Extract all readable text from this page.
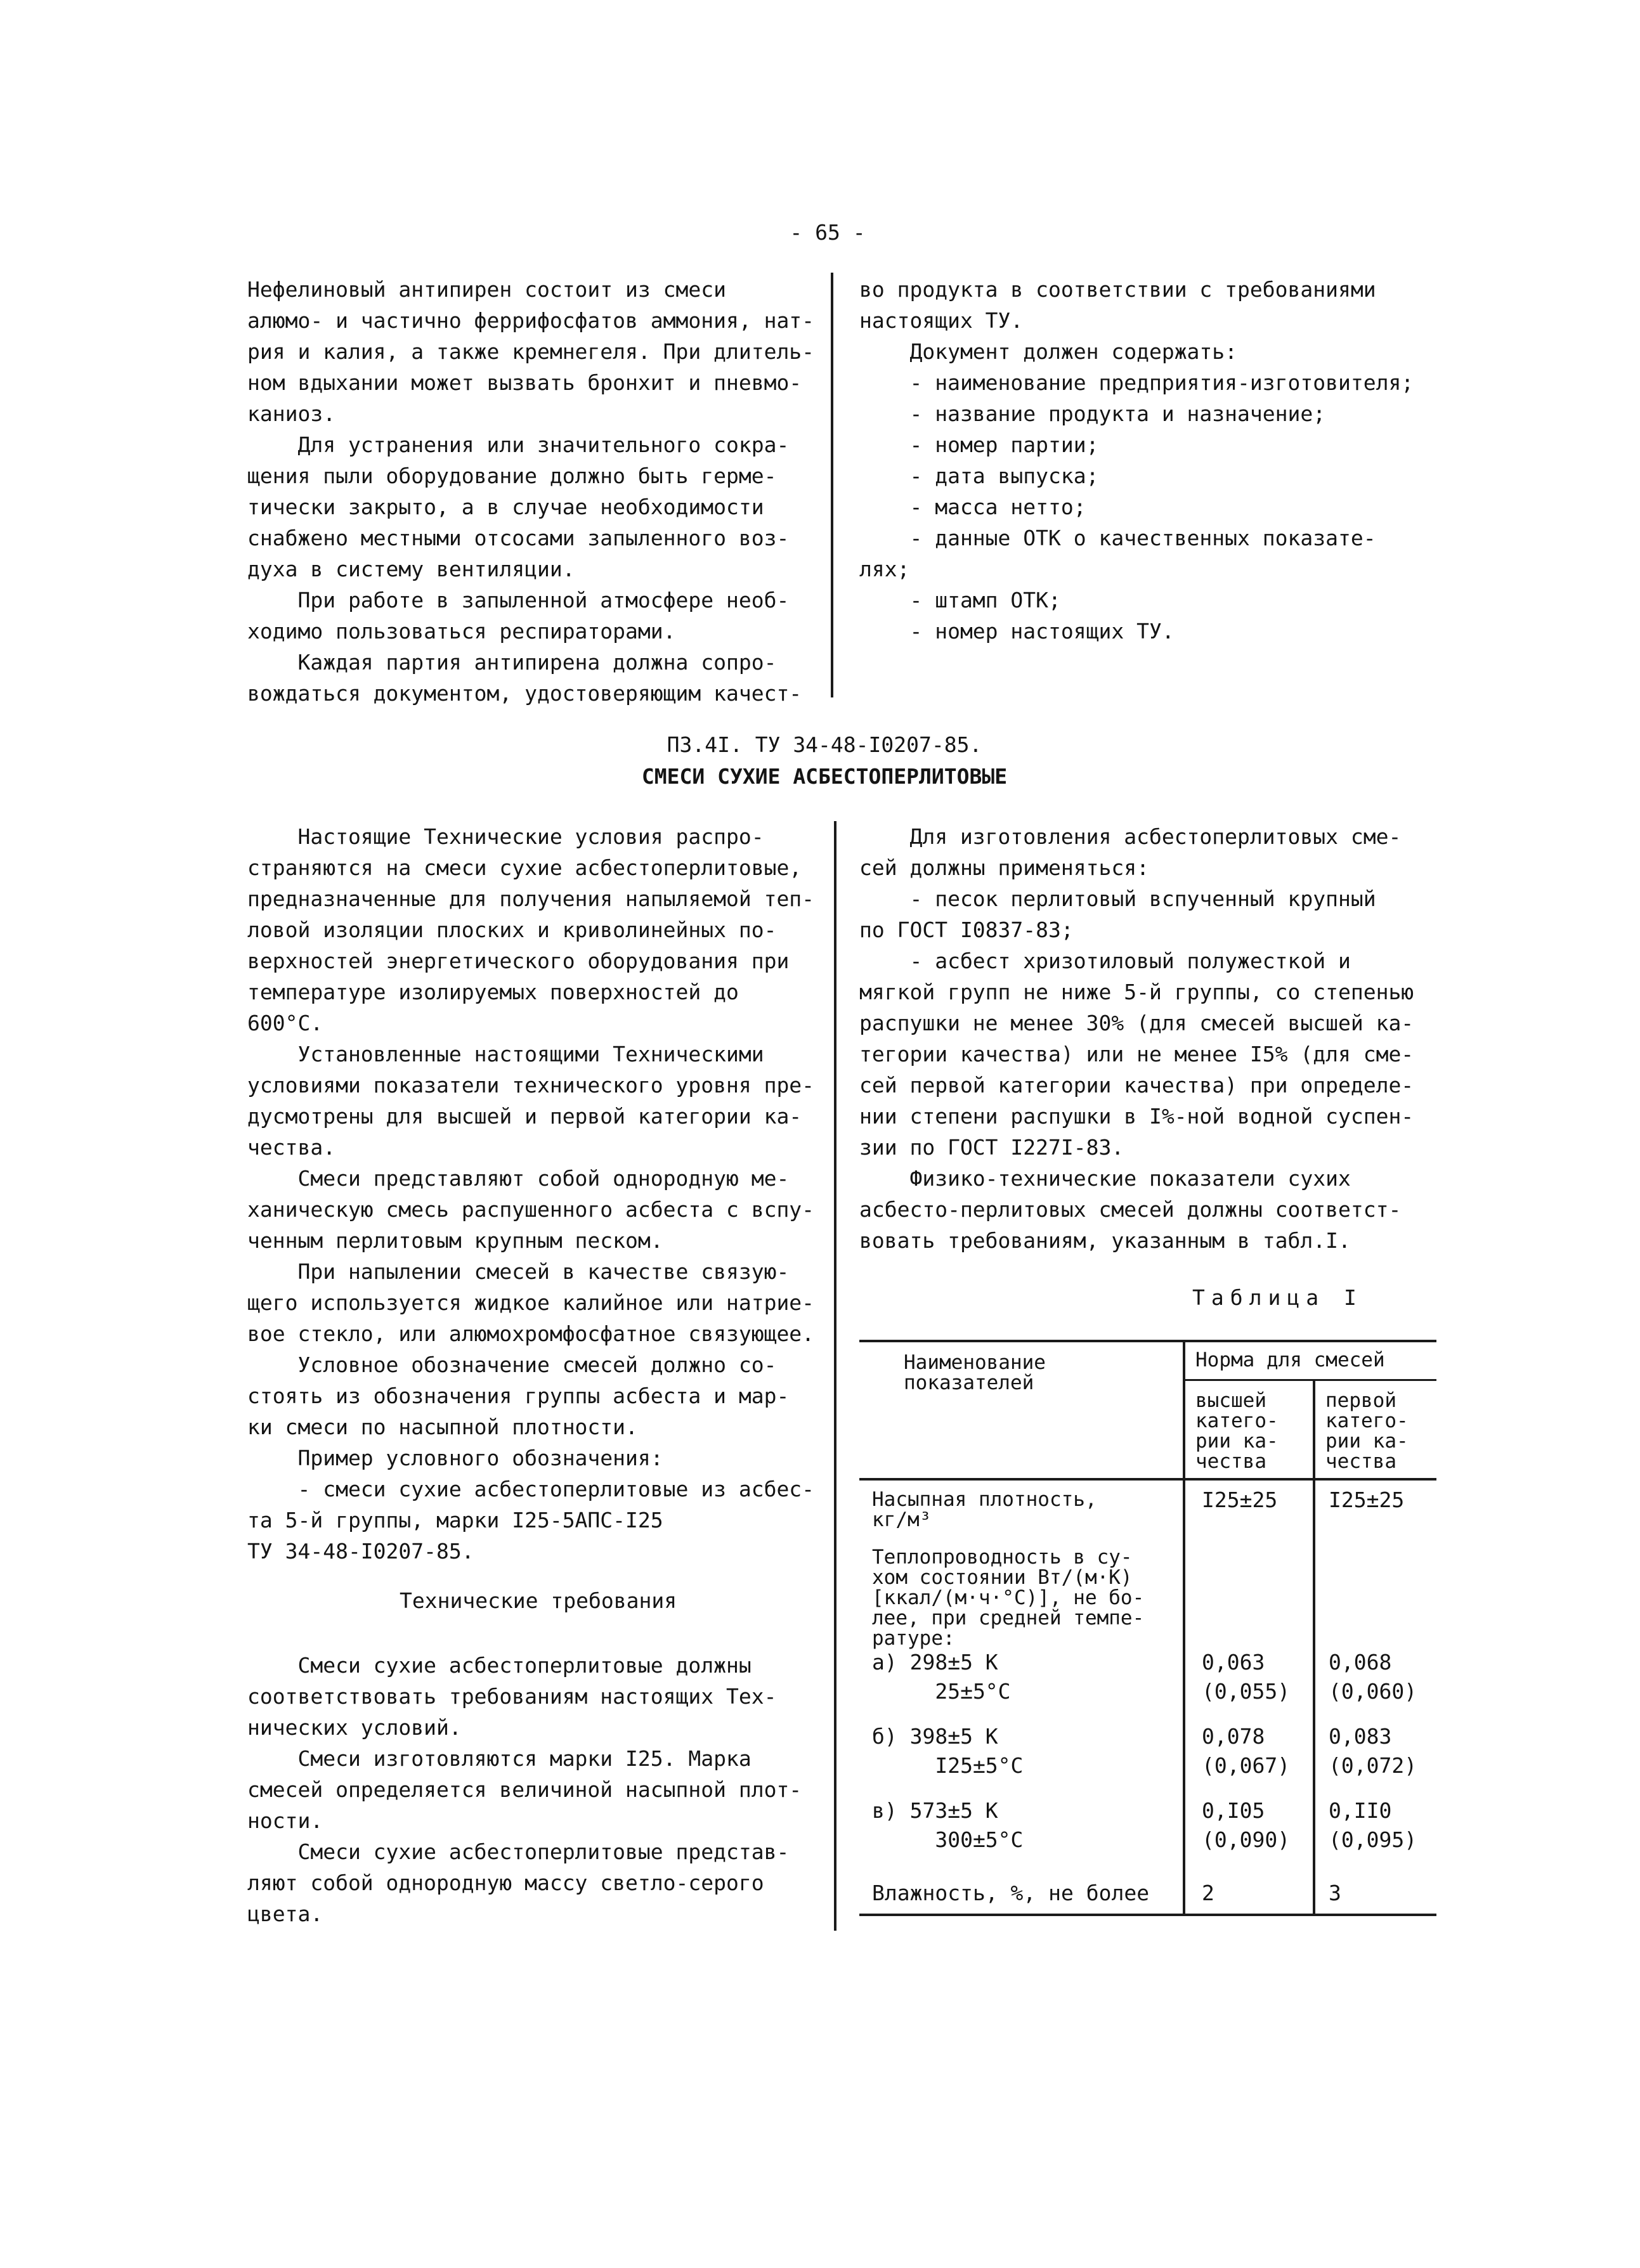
- 65 -

Нефелиновый антипирен состоит из смеси

алюмо- и частично феррифосфатов аммония, нат-

рия и калия, а также кремнегеля. При длитель-

ном вдыхании может вызвать бронхит и пневмо-

каниоз.

Для устранения или значительного сокра-

щения пыли оборудование должно быть герме-

тически закрыто, а в случае необходимости

снабжено местными отсосами запыленного воз-

духа в систему вентиляции.

При работе в запыленной атмосфере необ-

ходимо пользоваться респираторами.

Каждая партия антипирена должна сопро-

вождаться документом, удостоверяющим качест-

во продукта в соответствии с требованиями

настоящих ТУ.

Документ должен содержать:

- наименование предприятия-изготовителя;

- название продукта и назначение;

- номер партии;

- дата выпуска;

- масса нетто;

- данные ОТК о качественных показате-

лях;

- штамп ОТК;

- номер настоящих ТУ.

ПЗ.4I. ТУ 34-48-I0207-85.
СМЕСИ СУХИЕ АСБЕСТОПЕРЛИТОВЫЕ

Настоящие Технические условия распро-

страняются на смеси сухие асбестоперлитовые,

предназначенные для получения напыляемой теп-

ловой изоляции плоских и криволинейных по-

верхностей энергетического оборудования при

температуре изолируемых поверхностей до

600°С.

Установленные настоящими Техническими

условиями показатели технического уровня пре-

дусмотрены для высшей и первой категории ка-

чества.

Смеси представляют собой однородную ме-

ханическую смесь распушенного асбеста с вспу-

ченным перлитовым крупным песком.

При напылении смесей в качестве связую-

щего используется жидкое калийное или натрие-

вое стекло, или алюмохромфосфатное связующее.

Условное обозначение смесей должно со-

стоять из обозначения группы асбеста и мар-

ки смеси по насыпной плотности.

Пример условного обозначения:

- смеси сухие асбестоперлитовые из асбес-

та 5-й группы, марки I25-5АПС-I25

ТУ 34-48-I0207-85.

Технические требования

Смеси сухие асбестоперлитовые должны

соответствовать требованиям настоящих Тех-

нических условий.

Смеси изготовляются марки I25. Марка

смесей определяется величиной насыпной плот-

ности.

Смеси сухие асбестоперлитовые представ-

ляют собой однородную массу светло-серого

цвета.

Для изготовления асбестоперлитовых сме-

сей должны применяться:

- песок перлитовый вспученный крупный

по ГОСТ I0837-83;

- асбест хризотиловый полужесткой и

мягкой групп не ниже 5-й группы, со степенью

распушки не менее 30% (для смесей высшей ка-

тегории качества) или не менее I5% (для сме-

сей первой категории качества) при определе-

нии степени распушки в I%-ной водной суспен-

зии по ГОСТ I227I-83.

Физико-технические показатели сухих

асбесто-перлитовых смесей должны соответст-

вовать требованиям, указанным в табл.I.

Таблица I
Наименование
показателей
Норма для смесей
высшей
катего-
рии ка-
чества
первой
катего-
рии ка-
чества
Насыпная плотность,
кг/м³
I25±25 I25±25
Теплопроводность в су-
хом состоянии Вт/(м·К)
[ккал/(м·ч·°С)], не бо-
лее, при средней темпе-
ратуре:
а) 298±5 К
25±5°С
0,063
(0,055)
0,068
(0,060)
б) 398±5 К
I25±5°С
0,078
(0,067)
0,083
(0,072)
в) 573±5 К
300±5°С
0,I05
(0,090)
0,II0
(0,095)
Влажность, %, не более	2	3
